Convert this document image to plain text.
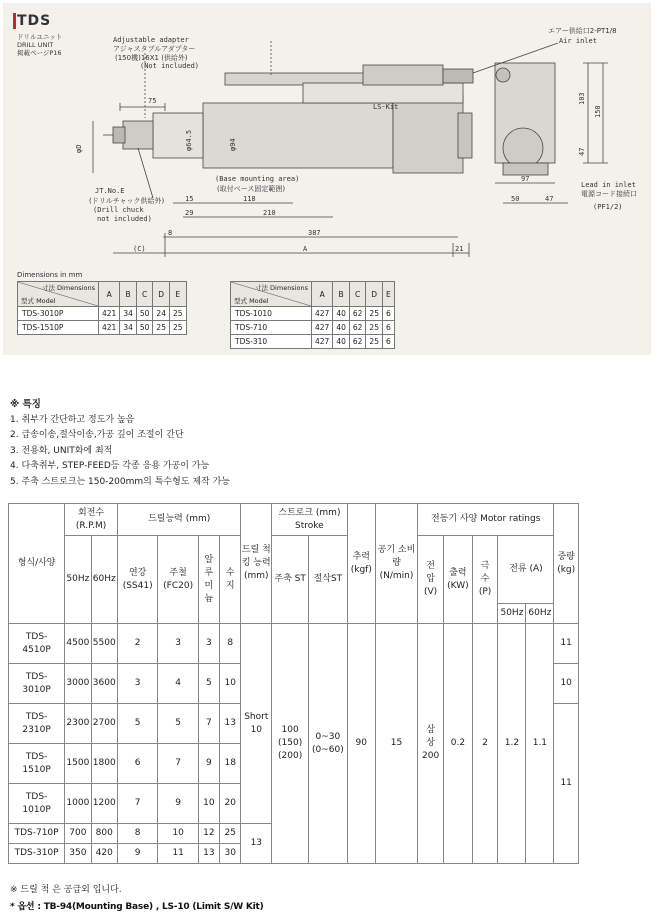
Adjustable adapter
アジャスタブルアダプター
(150機)16X1 (供給外)
(Not included)
エアー供給口2-PT1/8
Air inlet
LS-Kit
JT.No.E
(ドリルチャック供給外)
(Drill chuck
not included)
(Base mounting area)
(取付ベース固定範囲)	Lead in inlet
電源コード接続口
(PF1/2)
75
15	118
29	210
8	387
(C)	A	21
φD	φ64.5	φ94
103
150
47
97
50	47
TDS
ドリルユニット
DRILL UNIT
掲載ページP16
Dimensions in mm
寸法 Dimensions
型式 Model	A	B	C	D	E
TDS-3010P	421	34	50	24	25
TDS-1510P	421	34	50	25	25
寸法 Dimensions
型式 Model	A	B	C	D	E
TDS-1010	427	40	62	25	6
TDS-710	427	40	62	25	6
TDS-310	427	40	62	25	6
※ 특징
1. 취부가 간단하고 정도가 높음
2. 급송이송,절삭이송,가공 깊이 조절이 간단
3. 전용화, UNIT화에 최적
4. 다축취부, STEP-FEED등 각종 응용 가공이 가능
5. 주축 스트로크는 150-200mm의 특수형도 제작 가능
형식/사양	회전수 (R.P.M)		드릴능력 (mm)				드릴 척킹 능력 (mm)	스트로크 (mm) Stroke		추력 (kgf)	공기 소비량 (N/min)	전동기 사양 Motor ratings					중량 (kg)
	50Hz	60Hz	연강 (SS41)	주철 (FC20)	알루미늄	수지		주축 ST	절삭ST			전압 (V)	출력 (KW)	극수 (P)	전류 (A)		
															50Hz	60Hz	
TDS-4510P	4500	5500	2	3	3	8	Short 10	100 (150) (200)	0~30 (0~60)	90	15	삼상 200	0.2	2	1.2	1.1	11
TDS-3010P	3000	3600	3	4	5	10											10
TDS-2310P	2300	2700	5	5	7	13											11
TDS-1510P	1500	1800	6	7	9	18											
TDS-1010P	1000	1200	7	9	10	20											
TDS-710P	700	800	8	10	12	25	13										
TDS-310P	350	420	9	11	13	30											
※ 드릴 척 은 공급외 입니다.
* 옵션 : TB-94(Mounting Base) , LS-10 (Limit S/W Kit)
